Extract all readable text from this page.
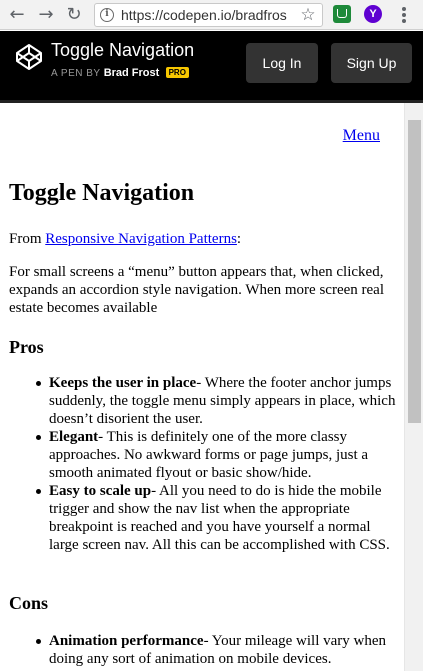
← → ↻	i https://codepen.io/bradfros ☆	Y
Toggle Navigation
A PEN BY Brad Frost PRO
Log In	Sign Up
Menu
Toggle Navigation

From Responsive Navigation Patterns:

For small screens a “menu” button appears that, when clicked, expands an accordion style navigation. When more screen real estate becomes available

Pros
Keeps the user in place- Where the footer anchor jumps suddenly, the toggle menu simply appears in place, which doesn’t disorient the user.
Elegant- This is definitely one of the more classy approaches. No awkward forms or page jumps, just a smooth animated flyout or basic show/hide.
Easy to scale up- All you need to do is hide the mobile trigger and show the nav list when the appropriate breakpoint is reached and you have yourself a normal large screen nav. All this can be accomplished with CSS.
Cons
Animation performance- Your mileage will vary when doing any sort of animation on mobile devices.
